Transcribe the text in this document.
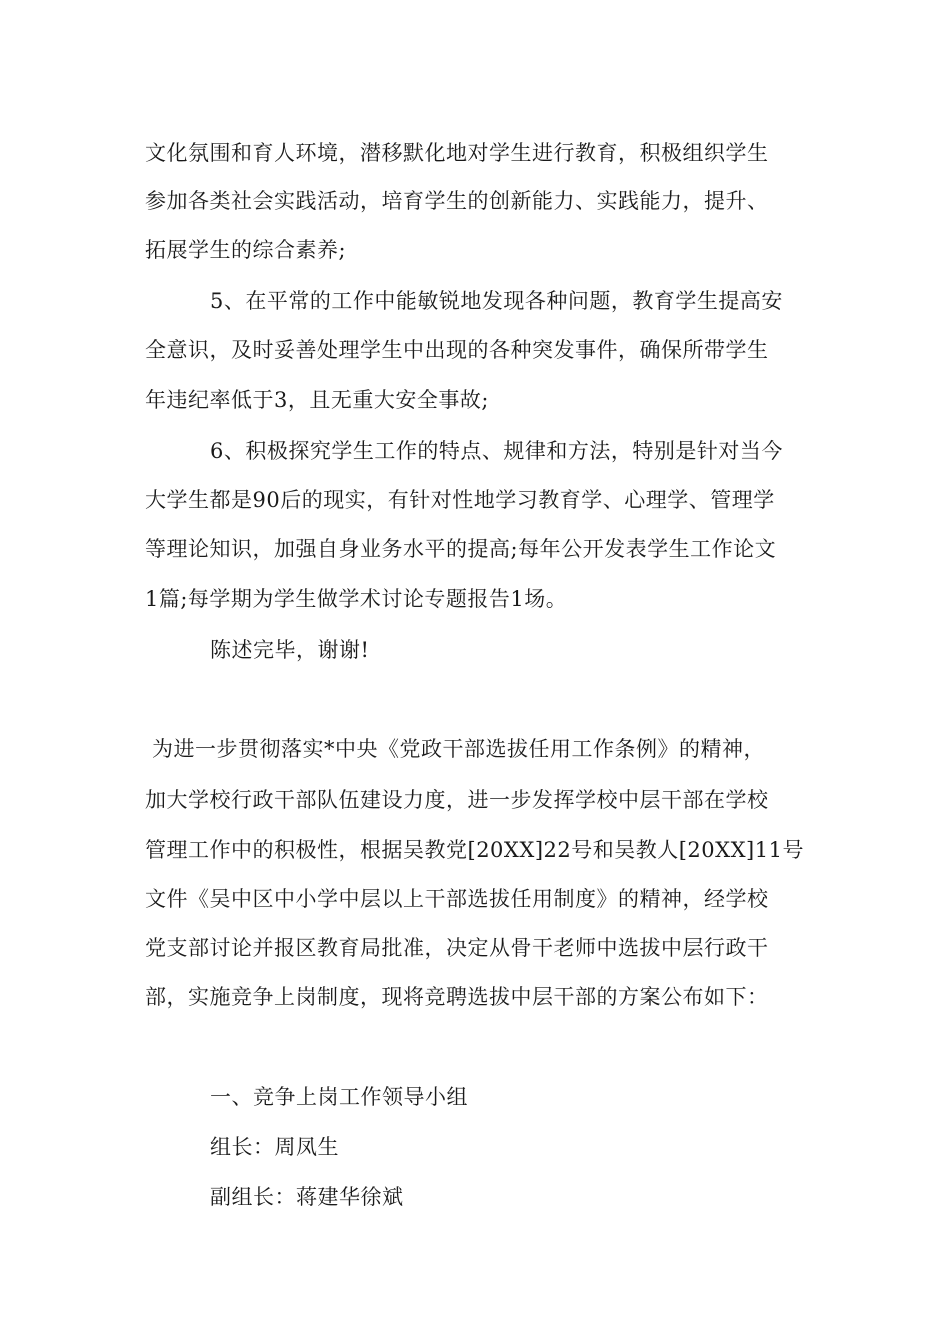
文化氛围和育人环境，潜移默化地对学生进行教育，积极组织学生
参加各类社会实践活动，培育学生的创新能力、实践能力，提升、
拓展学生的综合素养;
5、在平常的工作中能敏锐地发现各种问题，教育学生提高安
全意识，及时妥善处理学生中出现的各种突发事件，确保所带学生
年违纪率低于3，且无重大安全事故;
6、积极探究学生工作的特点、规律和方法，特别是针对当今
大学生都是90后的现实，有针对性地学习教育学、心理学、管理学
等理论知识，加强自身业务水平的提高;每年公开发表学生工作论文
1篇;每学期为学生做学术讨论专题报告1场。
陈述完毕，谢谢!
为进一步贯彻落实*中央《党政干部选拔任用工作条例》的精神，
加大学校行政干部队伍建设力度，进一步发挥学校中层干部在学校
管理工作中的积极性，根据吴教党[20XX]22号和吴教人[20XX]11号
文件《吴中区中小学中层以上干部选拔任用制度》的精神，经学校
党支部讨论并报区教育局批准，决定从骨干老师中选拔中层行政干
部，实施竞争上岗制度，现将竞聘选拔中层干部的方案公布如下：
一、竞争上岗工作领导小组
组长：周凤生
副组长：蒋建华徐斌
